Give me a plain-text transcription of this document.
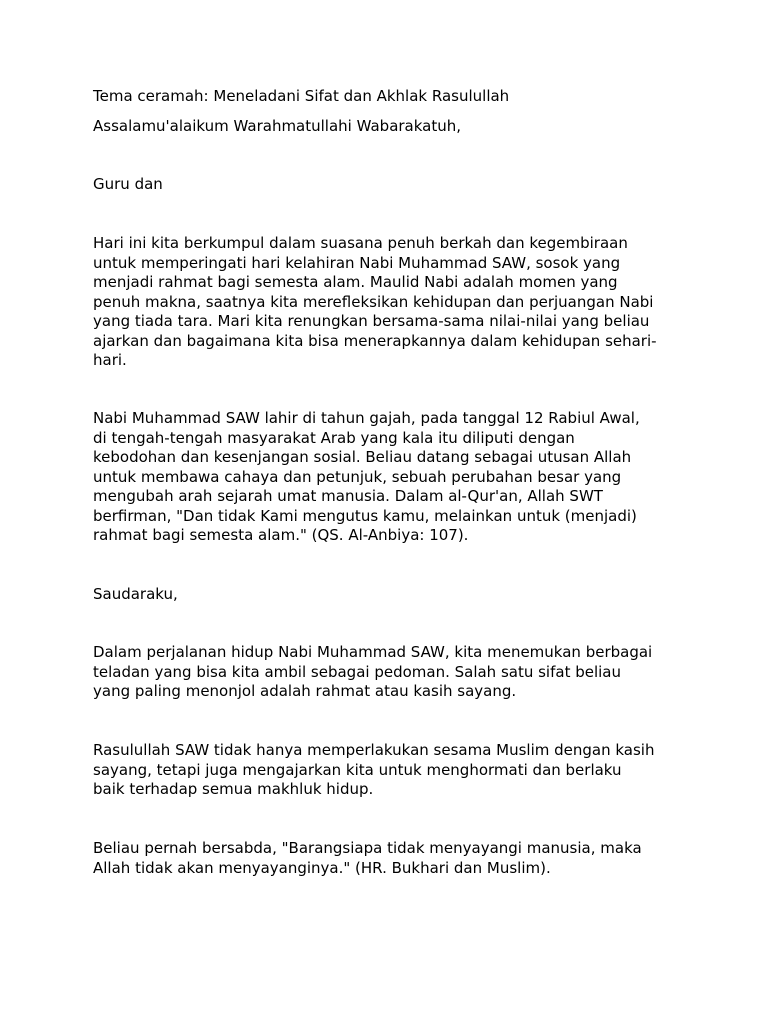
Tema ceramah: Meneladani Sifat dan Akhlak Rasulullah

Assalamu'alaikum Warahmatullahi Wabarakatuh,

Guru dan

Hari ini kita berkumpul dalam suasana penuh berkah dan kegembiraan
untuk memperingati hari kelahiran Nabi Muhammad SAW, sosok yang
menjadi rahmat bagi semesta alam. Maulid Nabi adalah momen yang
penuh makna, saatnya kita merefleksikan kehidupan dan perjuangan Nabi
yang tiada tara. Mari kita renungkan bersama-sama nilai-nilai yang beliau
ajarkan dan bagaimana kita bisa menerapkannya dalam kehidupan sehari-
hari.

Nabi Muhammad SAW lahir di tahun gajah, pada tanggal 12 Rabiul Awal,
di tengah-tengah masyarakat Arab yang kala itu diliputi dengan
kebodohan dan kesenjangan sosial. Beliau datang sebagai utusan Allah
untuk membawa cahaya dan petunjuk, sebuah perubahan besar yang
mengubah arah sejarah umat manusia. Dalam al-Qur'an, Allah SWT
berfirman, "Dan tidak Kami mengutus kamu, melainkan untuk (menjadi)
rahmat bagi semesta alam." (QS. Al-Anbiya: 107).

Saudaraku,

Dalam perjalanan hidup Nabi Muhammad SAW, kita menemukan berbagai
teladan yang bisa kita ambil sebagai pedoman. Salah satu sifat beliau
yang paling menonjol adalah rahmat atau kasih sayang.

Rasulullah SAW tidak hanya memperlakukan sesama Muslim dengan kasih
sayang, tetapi juga mengajarkan kita untuk menghormati dan berlaku
baik terhadap semua makhluk hidup.

Beliau pernah bersabda, "Barangsiapa tidak menyayangi manusia, maka
Allah tidak akan menyayanginya." (HR. Bukhari dan Muslim).
